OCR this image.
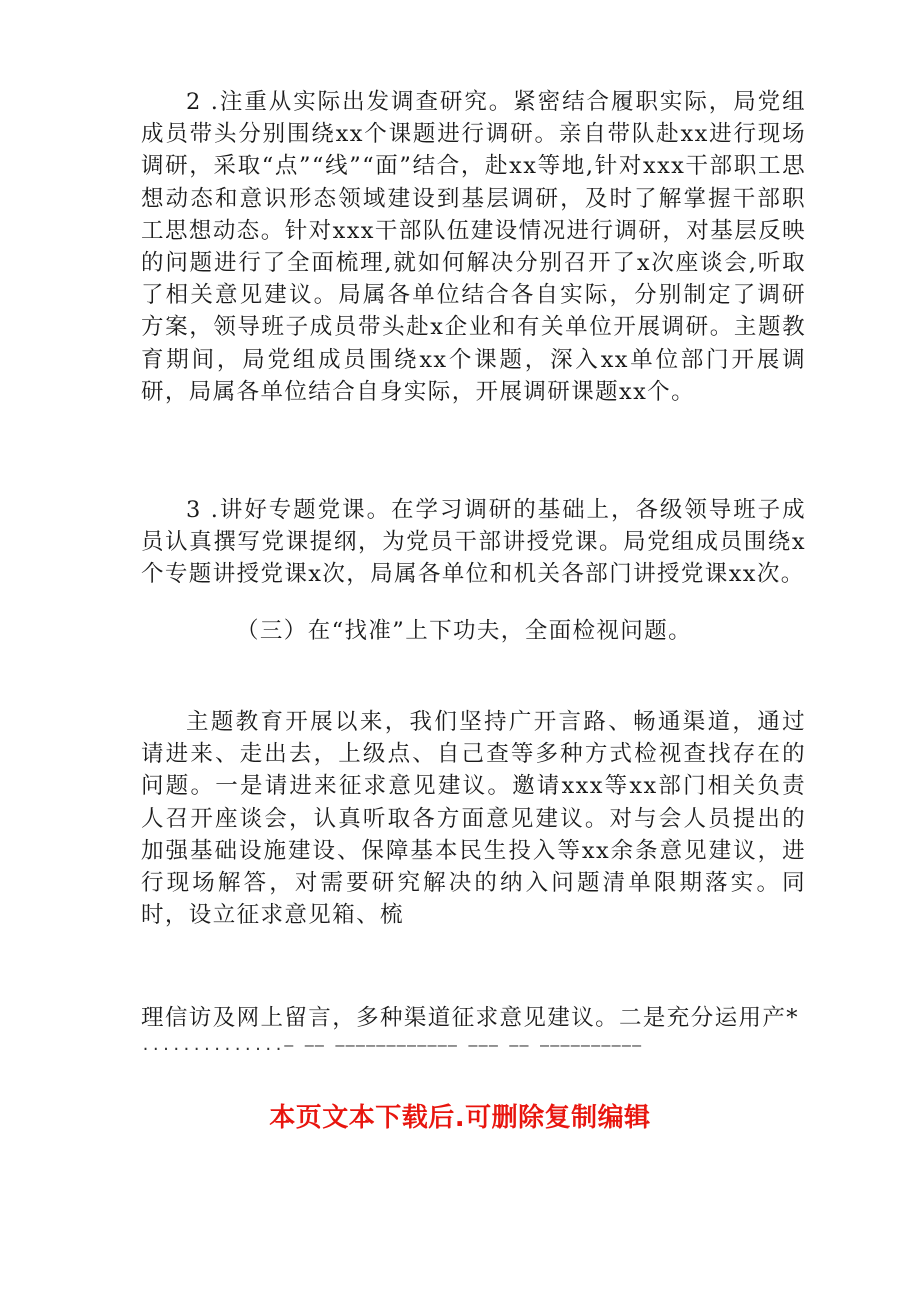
2 .注重从实际出发调查研究。紧密结合履职实际，局党组成员带头分别围绕xx个课题进行调研。亲自带队赴xx进行现场调研，采取“点”“线”“面”结合，赴xx等地,针对xxx干部职工思想动态和意识形态领域建设到基层调研，及时了解掌握干部职工思想动态。针对xxx干部队伍建设情况进行调研，对基层反映的问题进行了全面梳理,就如何解决分别召开了x次座谈会,听取了相关意见建议。局属各单位结合各自实际，分别制定了调研方案，领导班子成员带头赴x企业和有关单位开展调研。主题教育期间，局党组成员围绕xx个课题，深入xx单位部门开展调研，局属各单位结合自身实际，开展调研课题xx个。

3 .讲好专题党课。在学习调研的基础上，各级领导班子成员认真撰写党课提纲，为党员干部讲授党课。局党组成员围绕x个专题讲授党课x次，局属各单位和机关各部门讲授党课xx次。

（三）在“找准”上下功夫，全面检视问题。

主题教育开展以来，我们坚持广开言路、畅通渠道，通过请进来、走出去，上级点、自己查等多种方式检视查找存在的问题。一是请进来征求意见建议。邀请xxx等xx部门相关负责人召开座谈会，认真听取各方面意见建议。对与会人员提出的加强基础设施建设、保障基本民生投入等xx余条意见建议，进行现场解答，对需要研究解决的纳入问题清单限期落实。同时，设立征求意见箱、梳

理信访及网上留言，多种渠道征求意见建议。二是充分运用产*

..............— —— ———————————— ——— —— ——————————

本页文本下载后.可删除复制编辑
